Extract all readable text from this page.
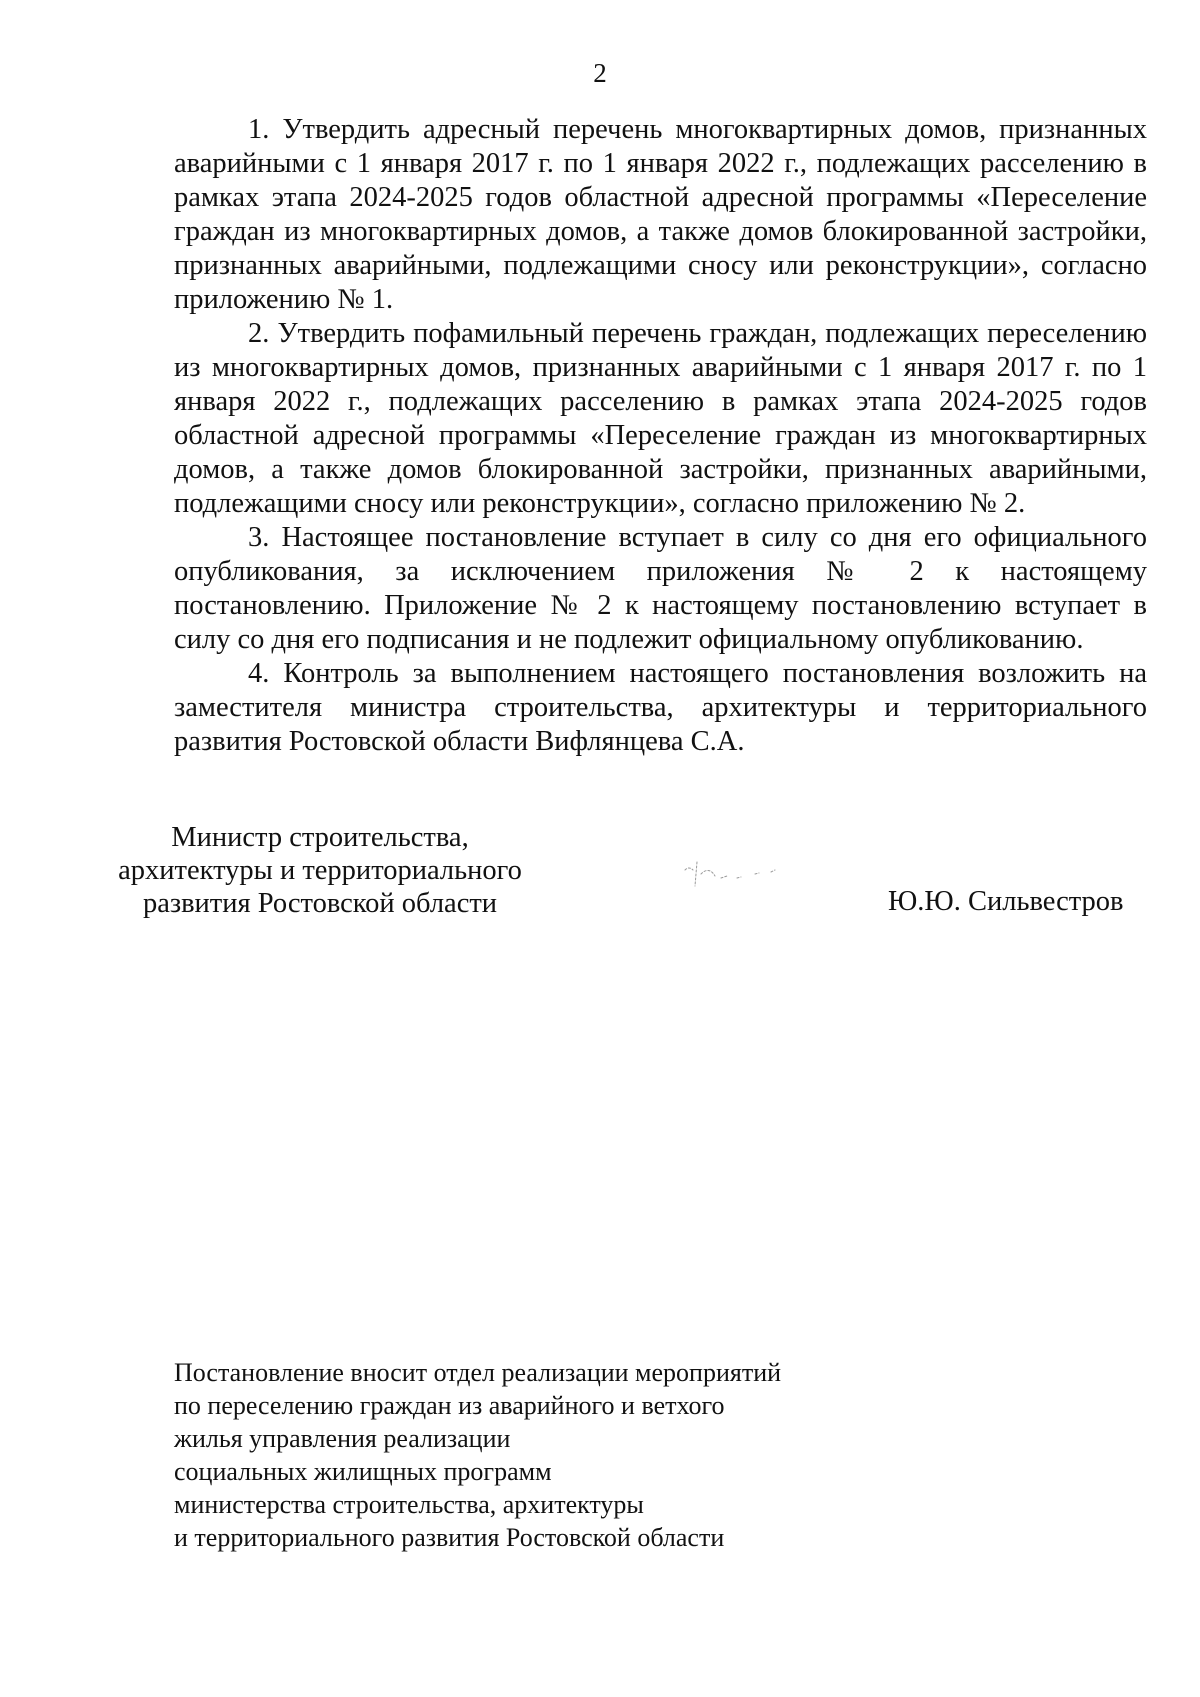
2

1. Утвердить адресный перечень многоквартирных домов, признанных аварийными с 1 января 2017 г. по 1 января 2022 г., подлежащих расселению в рамках этапа 2024-2025 годов областной адресной программы «Переселение граждан из многоквартирных домов, а также домов блокированной застройки, признанных аварийными, подлежащими сносу или реконструкции», согласно приложению № 1.

2. Утвердить пофамильный перечень граждан, подлежащих переселению из многоквартирных домов, признанных аварийными с 1 января 2017 г. по 1 января 2022 г., подлежащих расселению в рамках этапа 2024-2025 годов областной адресной программы «Переселение граждан из многоквартирных домов, а также домов блокированной застройки, признанных аварийными, подлежащими сносу или реконструкции», согласно приложению № 2.

3. Настоящее постановление вступает в силу со дня его официального опубликования, за исключением приложения № 2 к настоящему постановлению. Приложение № 2 к настоящему постановлению вступает в силу со дня его подписания и не подлежит официальному опубликованию.

4. Контроль за выполнением настоящего постановления возложить на заместителя министра строительства, архитектуры и территориального развития Ростовской области Вифлянцева С.А.

Министр строительства,
архитектуры и территориального
развития Ростовской области	Ю.Ю. Сильвестров
Постановление вносит отдел реализации мероприятий
по переселению граждан из аварийного и ветхого
жилья управления реализации
социальных жилищных программ
министерства строительства, архитектуры
и территориального развития Ростовской области
